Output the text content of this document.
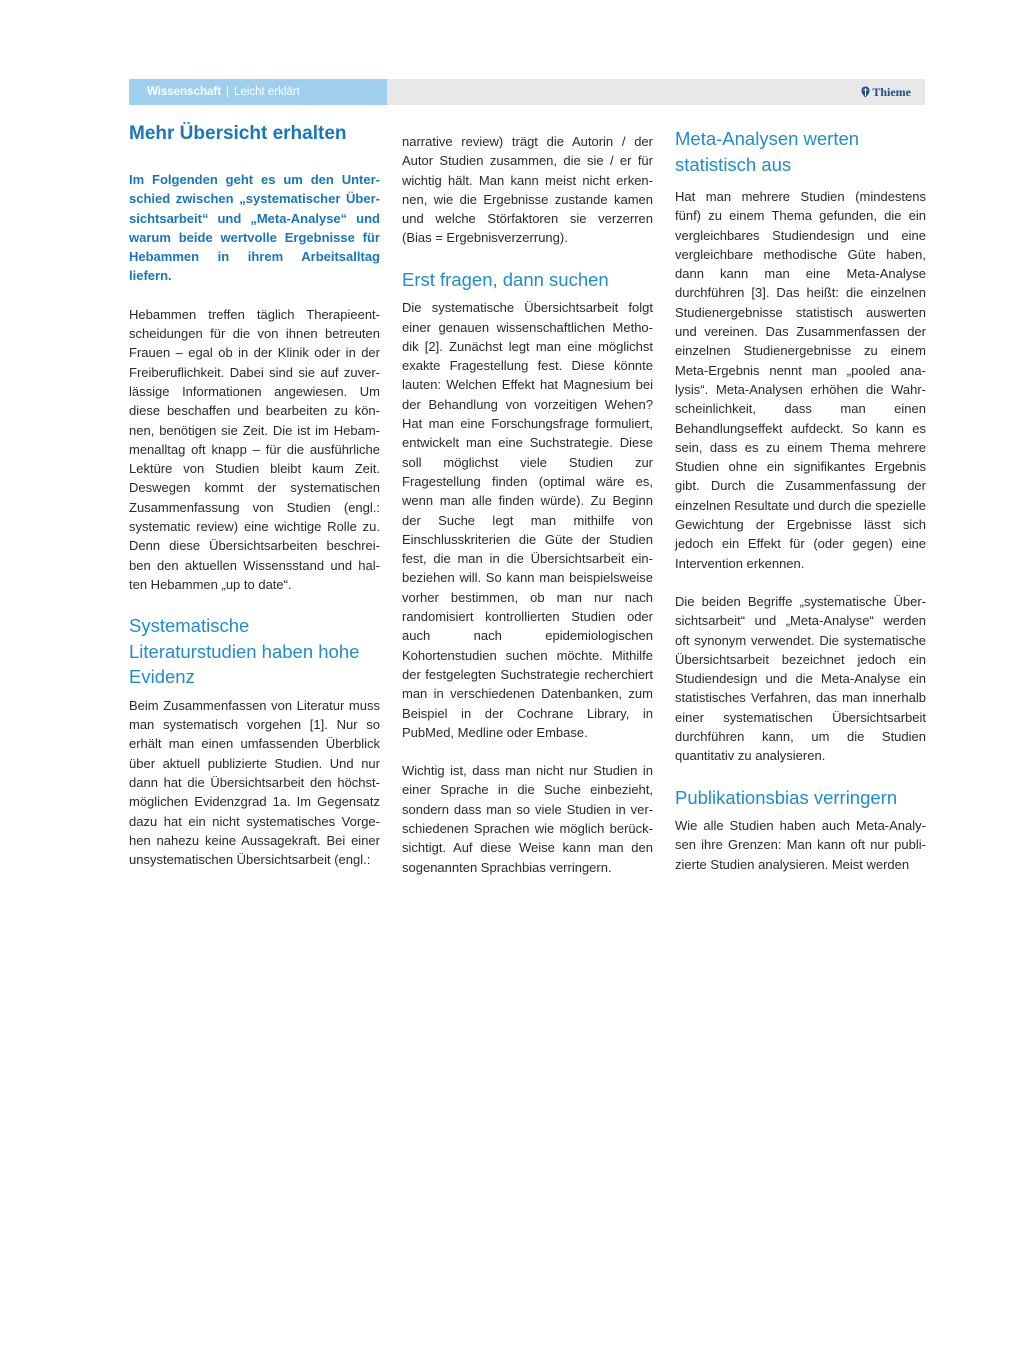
Wissenschaft | Leicht erklärt	Thieme
Mehr Übersicht erhalten

Im Folgenden geht es um den Unterschied zwischen „systematischer Übersichtsarbeit“ und „Meta-Analyse“ und warum beide wertvolle Ergebnisse für Hebammen in ihrem Arbeitsalltag liefern.

Hebammen treffen täglich Therapieentscheidungen für die von ihnen betreuten Frauen – egal ob in der Klinik oder in der Freiberuflichkeit. Dabei sind sie auf zuverlässige Informationen angewiesen. Um diese beschaffen und bearbeiten zu können, benötigen sie Zeit. Die ist im Hebammenalltag oft knapp – für die ausführliche Lektüre von Studien bleibt kaum Zeit. Deswegen kommt der systematischen Zusammenfassung von Studien (engl.: systematic review) eine wichtige Rolle zu. Denn diese Übersichtsarbeiten beschreiben den aktuellen Wissensstand und halten Hebammen „up to date“.

Systematische Literaturstudien haben hohe Evidenz

Beim Zusammenfassen von Literatur muss man systematisch vorgehen [1]. Nur so erhält man einen umfassenden Überblick über aktuell publizierte Studien. Und nur dann hat die Übersichtsarbeit den höchstmöglichen Evidenzgrad 1a. Im Gegensatz dazu hat ein nicht systematisches Vorgehen nahezu keine Aussagekraft. Bei einer unsystematischen Übersichtsarbeit (engl.:

narrative review) trägt die Autorin / der Autor Studien zusammen, die sie / er für wichtig hält. Man kann meist nicht erkennen, wie die Ergebnisse zustande kamen und welche Störfaktoren sie verzerren (Bias = Ergebnisverzerrung).

Erst fragen, dann suchen

Die systematische Übersichtsarbeit folgt einer genauen wissenschaftlichen Methodik [2]. Zunächst legt man eine möglichst exakte Fragestellung fest. Diese könnte lauten: Welchen Effekt hat Magnesium bei der Behandlung von vorzeitigen Wehen? Hat man eine Forschungsfrage formuliert, entwickelt man eine Suchstrategie. Diese soll möglichst viele Studien zur Fragestellung finden (optimal wäre es, wenn man alle finden würde). Zu Beginn der Suche legt man mithilfe von Einschlusskriterien die Güte der Studien fest, die man in die Übersichtsarbeit einbeziehen will. So kann man beispielsweise vorher bestimmen, ob man nur nach randomisiert kontrollierten Studien oder auch nach epidemiologischen Kohortenstudien suchen möchte. Mithilfe der festgelegten Suchstrategie recherchiert man in verschiedenen Datenbanken, zum Beispiel in der Cochrane Library, in PubMed, Medline oder Embase.

Wichtig ist, dass man nicht nur Studien in einer Sprache in die Suche einbezieht, sondern dass man so viele Studien in verschiedenen Sprachen wie möglich berücksichtigt. Auf diese Weise kann man den sogenannten Sprachbias verringern.

Meta-Analysen werten statistisch aus

Hat man mehrere Studien (mindestens fünf) zu einem Thema gefunden, die ein vergleichbares Studiendesign und eine vergleichbare methodische Güte haben, dann kann man eine Meta-Analyse durchführen [3]. Das heißt: die einzelnen Studienergebnisse statistisch auswerten und vereinen. Das Zusammenfassen der einzelnen Studienergebnisse zu einem Meta-Ergebnis nennt man „pooled analysis“. Meta-Analysen erhöhen die Wahrscheinlichkeit, dass man einen Behandlungseffekt aufdeckt. So kann es sein, dass es zu einem Thema mehrere Studien ohne ein signifikantes Ergebnis gibt. Durch die Zusammenfassung der einzelnen Resultate und durch die spezielle Gewichtung der Ergebnisse lässt sich jedoch ein Effekt für (oder gegen) eine Intervention erkennen.

Die beiden Begriffe „systematische Übersichtsarbeit“ und „Meta-Analyse“ werden oft synonym verwendet. Die systematische Übersichtsarbeit bezeichnet jedoch ein Studiendesign und die Meta-Analyse ein statistisches Verfahren, das man innerhalb einer systematischen Übersichtsarbeit durchführen kann, um die Studien quantitativ zu analysieren.

Publikationsbias verringern

Wie alle Studien haben auch Meta-Analysen ihre Grenzen: Man kann oft nur publizierte Studien analysieren. Meist werden
